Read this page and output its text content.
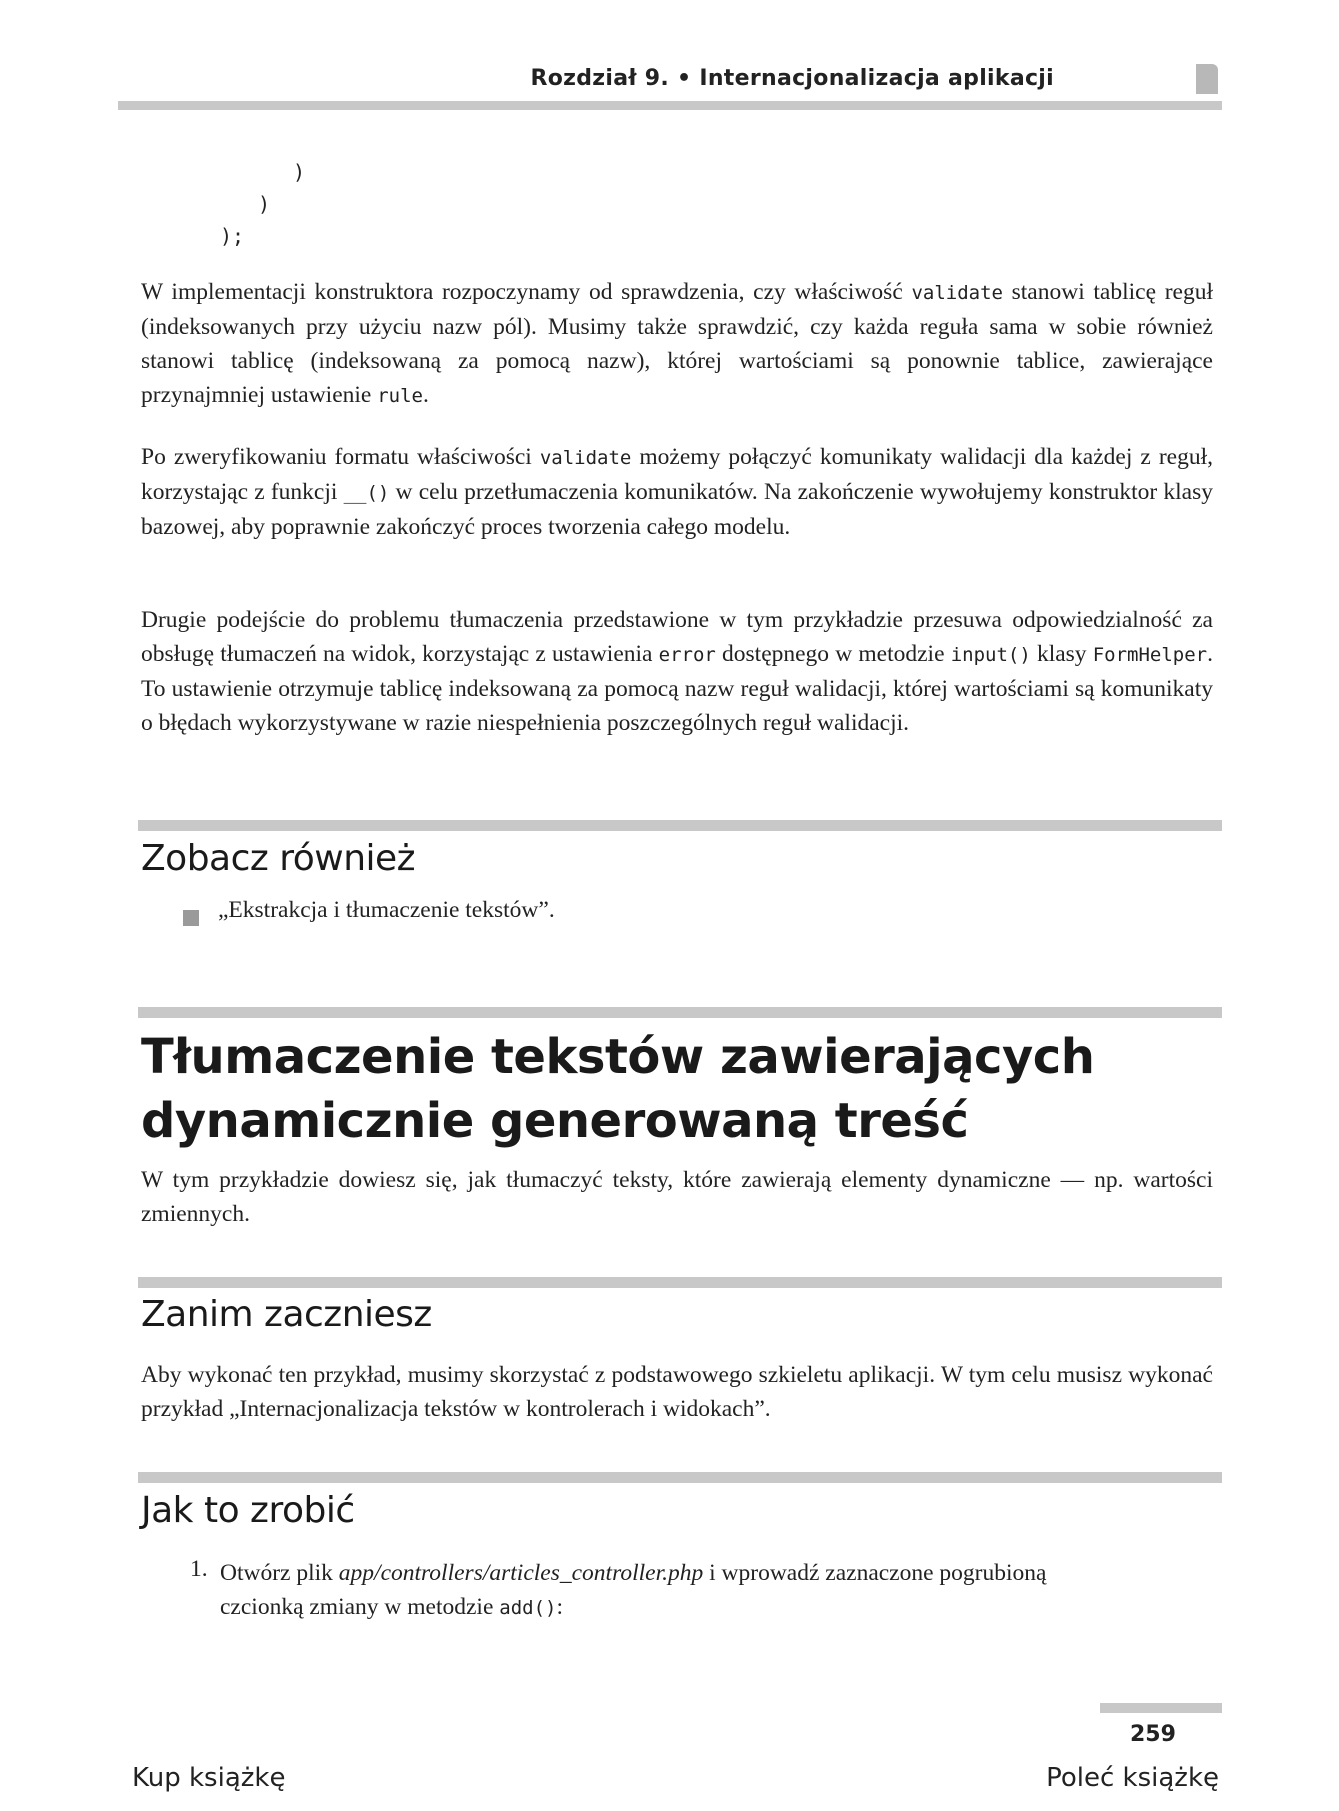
Rozdział 9. • Internacjonalizacja aplikacji
)
)
);
W implementacji konstruktora rozpoczynamy od sprawdzenia, czy właściwość validate stanowi tablicę reguł (indeksowanych przy użyciu nazw pól). Musimy także sprawdzić, czy każda reguła sama w sobie również stanowi tablicę (indeksowaną za pomocą nazw), której wartościami są ponownie tablice, zawierające przynajmniej ustawienie rule.
Po zweryfikowaniu formatu właściwości validate możemy połączyć komunikaty walidacji dla każdej z reguł, korzystając z funkcji __() w celu przetłumaczenia komunikatów. Na zakończenie wywołujemy konstruktor klasy bazowej, aby poprawnie zakończyć proces tworzenia całego modelu.
Drugie podejście do problemu tłumaczenia przedstawione w tym przykładzie przesuwa odpowiedzialność za obsługę tłumaczeń na widok, korzystając z ustawienia error dostępnego w metodzie input() klasy FormHelper. To ustawienie otrzymuje tablicę indeksowaną za pomocą nazw reguł walidacji, której wartościami są komunikaty o błędach wykorzystywane w razie niespełnienia poszczególnych reguł walidacji.
Zobacz również
„Ekstrakcja i tłumaczenie tekstów”.
Tłumaczenie tekstów zawierających
dynamicznie generowaną treść
W tym przykładzie dowiesz się, jak tłumaczyć teksty, które zawierają elementy dynamiczne — np. wartości zmiennych.
Zanim zaczniesz
Aby wykonać ten przykład, musimy skorzystać z podstawowego szkieletu aplikacji. W tym celu musisz wykonać przykład „Internacjonalizacja tekstów w kontrolerach i widokach”.
Jak to zrobić
1. Otwórz plik app/controllers/articles_controller.php i wprowadź zaznaczone pogrubioną czcionką zmiany w metodzie add():
259
Kup książkę	Poleć książkę
